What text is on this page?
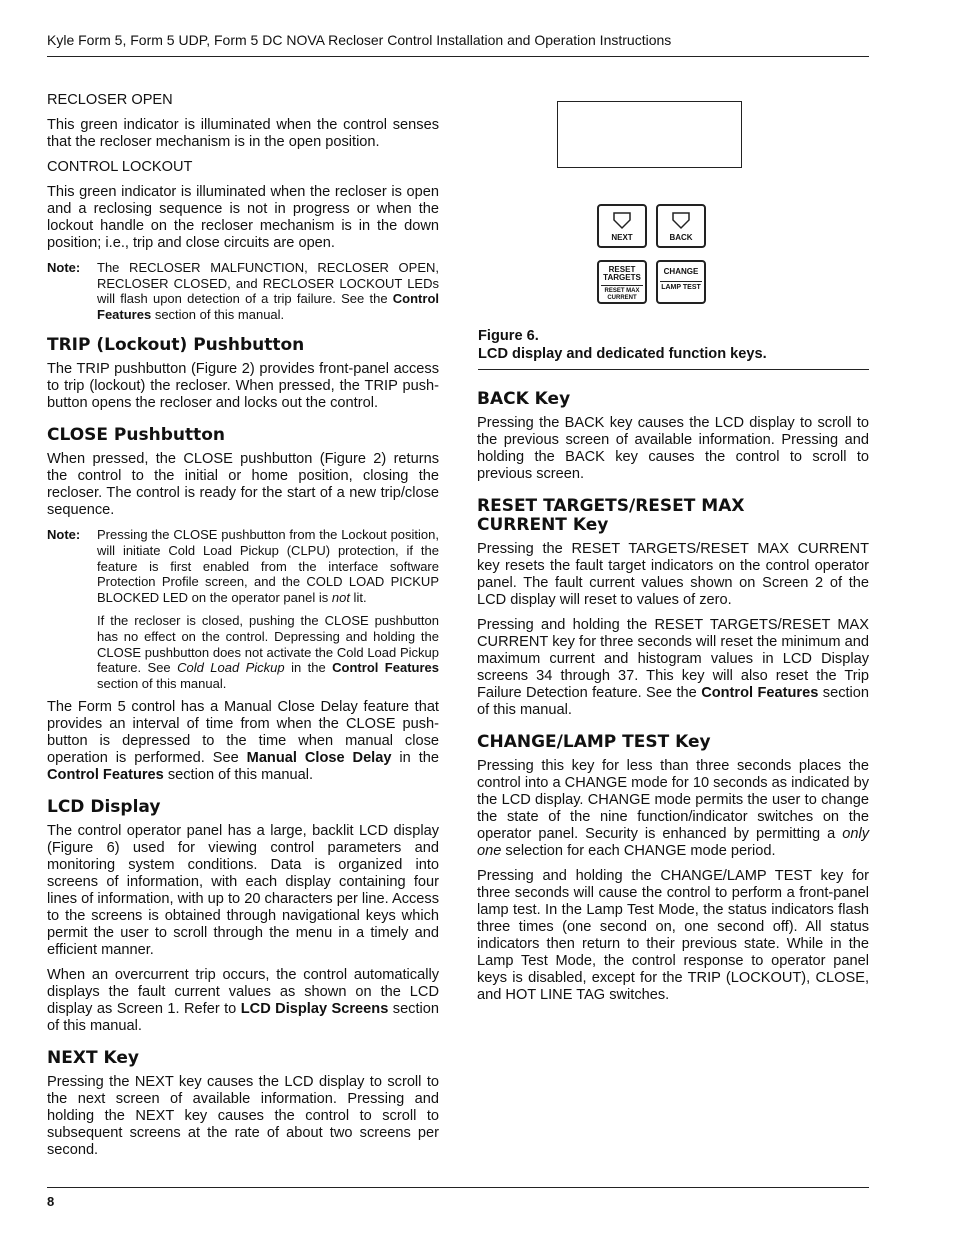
Kyle Form 5, Form 5 UDP, Form 5 DC NOVA Recloser Control Installation and Operation Instructions
RECLOSER OPEN

This green indicator is illuminated when the control senses that the recloser mechanism is in the open position.

CONTROL LOCKOUT

This green indicator is illuminated when the recloser is open and a reclosing sequence is not in progress or when the lockout handle on the recloser mechanism is in the down position; i.e., trip and close circuits are open.

Note:	The RECLOSER MALFUNCTION, RECLOSER OPEN, RECLOSER CLOSED, and RECLOSER LOCKOUT LEDs will flash upon detection of a trip failure. See the Control Features section of this manual.

TRIP (Lockout) Pushbutton

The TRIP pushbutton (Figure 2) provides front-panel access to trip (lockout) the recloser. When pressed, the TRIP push-button opens the recloser and locks out the control.

CLOSE Pushbutton

When pressed, the CLOSE pushbutton (Figure 2) returns the control to the initial or home position, closing the recloser. The control is ready for the start of a new trip/close sequence.

Note:	Pressing the CLOSE pushbutton from the Lockout position, will initiate Cold Load Pickup (CLPU) protection, if the feature is first enabled from the interface software Protection Profile screen, and the COLD LOAD PICKUP BLOCKED LED on the operator panel is not lit.

If the recloser is closed, pushing the CLOSE pushbutton has no effect on the control. Depressing and holding the CLOSE pushbutton does not activate the Cold Load Pickup feature. See Cold Load Pickup in the Control Features section of this manual.

The Form 5 control has a Manual Close Delay feature that provides an interval of time from when the CLOSE push-button is depressed to the time when manual close operation is performed. See Manual Close Delay in the Control Features section of this manual.

LCD Display

The control operator panel has a large, backlit LCD display (Figure 6) used for viewing control parameters and monitoring system conditions. Data is organized into screens of information, with each display containing four lines of information, with up to 20 characters per line. Access to the screens is obtained through navigational keys which permit the user to scroll through the menu in a timely and efficient manner.

When an overcurrent trip occurs, the control automatically displays the fault current values as shown on the LCD display as Screen 1. Refer to LCD Display Screens section of this manual.

NEXT Key

Pressing the NEXT key causes the LCD display to scroll to the next screen of available information. Pressing and holding the NEXT key causes the control to scroll to subsequent screens at the rate of about two screens per second.

NEXT	BACK
RESET TARGETS
RESET MAX CURRENT
CHANGE
LAMP TEST
Figure 6.
LCD display and dedicated function keys.
BACK Key

Pressing the BACK key causes the LCD display to scroll to the previous screen of available information. Pressing and holding the BACK key causes the control to scroll to previous screen.

RESET TARGETS/RESET MAX
CURRENT Key

Pressing the RESET TARGETS/RESET MAX CURRENT key resets the fault target indicators on the control operator panel. The fault current values shown on Screen 2 of the LCD display will reset to values of zero.

Pressing and holding the RESET TARGETS/RESET MAX CURRENT key for three seconds will reset the minimum and maximum current and histogram values in LCD Display screens 34 through 37. This key will also reset the Trip Failure Detection feature. See the Control Features section of this manual.

CHANGE/LAMP TEST Key

Pressing this key for less than three seconds places the control into a CHANGE mode for 10 seconds as indicated by the LCD display. CHANGE mode permits the user to change the state of the nine function/indicator switches on the operator panel. Security is enhanced by permitting a only one selection for each CHANGE mode period.

Pressing and holding the CHANGE/LAMP TEST key for three seconds will cause the control to perform a front-panel lamp test. In the Lamp Test Mode, the status indicators flash three times (one second on, one second off). All status indicators then return to their previous state. While in the Lamp Test Mode, the control response to operator panel keys is disabled, except for the TRIP (LOCKOUT), CLOSE, and HOT LINE TAG switches.

8
